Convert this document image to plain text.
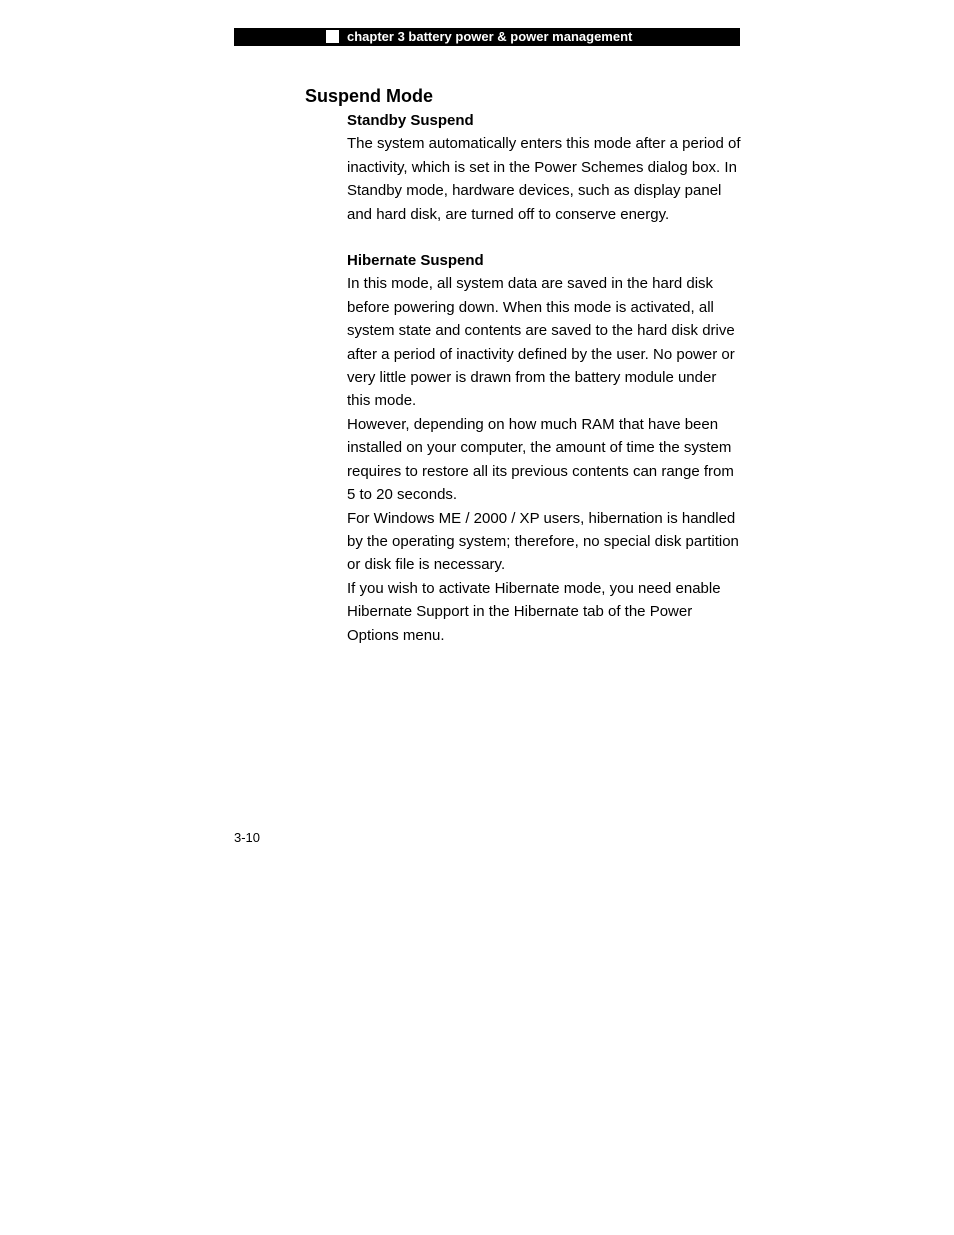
chapter 3 battery power & power management
Suspend Mode
Standby Suspend

The system automatically enters this mode after a period of inactivity, which is set in the Power Schemes dialog box. In Standby mode, hardware devices, such as display panel and hard disk, are turned off to conserve energy.

Hibernate Suspend

In this mode, all system data are saved in the hard disk before powering down. When this mode is activated, all system state and contents are saved to the hard disk drive after a period of inactivity defined by the user. No power or very little power is drawn from the battery module under this mode.

However, depending on how much RAM that have been installed on your computer, the amount of time the system requires to restore all its previous contents can range from 5 to 20 seconds.

For Windows ME / 2000 / XP users, hibernation is handled by the operating system; therefore, no special disk partition or disk file is necessary.

If you wish to activate Hibernate mode, you need enable Hibernate Support in the Hibernate tab of the Power Options menu.

3-10
